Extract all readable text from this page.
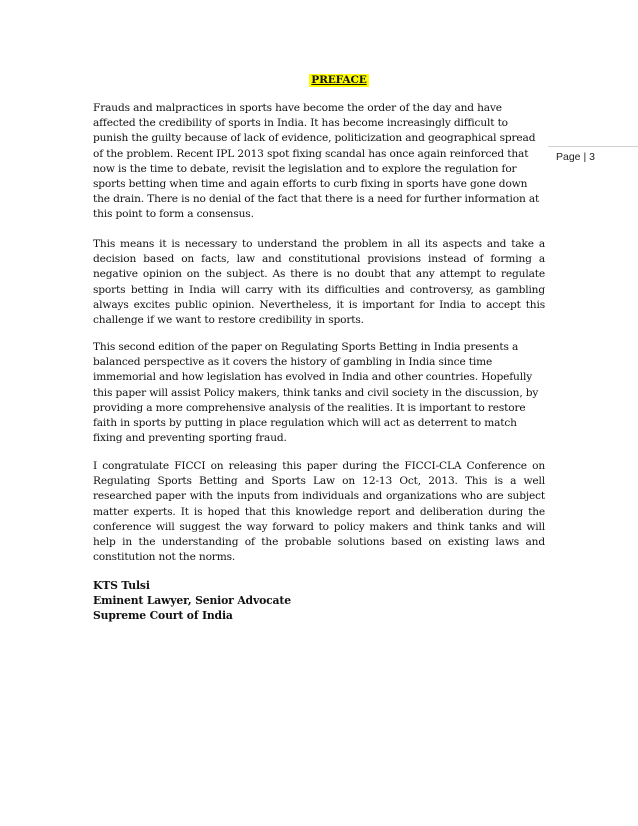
PREFACE

Frauds and malpractices in sports have become the order of the day and have affected the credibility of sports in India. It has become increasingly difficult to punish the guilty because of lack of evidence, politicization and geographical spread of the problem. Recent IPL 2013 spot fixing scandal has once again reinforced that now is the time to debate, revisit the legislation and to explore the regulation for sports betting when time and again efforts to curb fixing in sports have gone down the drain. There is no denial of the fact that there is a need for further information at this point to form a consensus.

This means it is necessary to understand the problem in all its aspects and take a decision based on facts, law and constitutional provisions instead of forming a negative opinion on the subject. As there is no doubt that any attempt to regulate sports betting in India will carry with its difficulties and controversy, as gambling always excites public opinion. Nevertheless, it is important for India to accept this challenge if we want to restore credibility in sports.

This second edition of the paper on Regulating Sports Betting in India presents a balanced perspective as it covers the history of gambling in India since time immemorial and how legislation has evolved in India and other countries. Hopefully this paper will assist Policy makers, think tanks and civil society in the discussion, by providing a more comprehensive analysis of the realities. It is important to restore faith in sports by putting in place regulation which will act as deterrent to match fixing and preventing sporting fraud.

I congratulate FICCI on releasing this paper during the FICCI-CLA Conference on Regulating Sports Betting and Sports Law on 12-13 Oct, 2013. This is a well researched paper with the inputs from individuals and organizations who are subject matter experts. It is hoped that this knowledge report and deliberation during the conference will suggest the way forward to policy makers and think tanks and will help in the understanding of the probable solutions based on existing laws and constitution not the norms.

KTS Tulsi
Eminent Lawyer, Senior Advocate
Supreme Court of India
Page | 3
